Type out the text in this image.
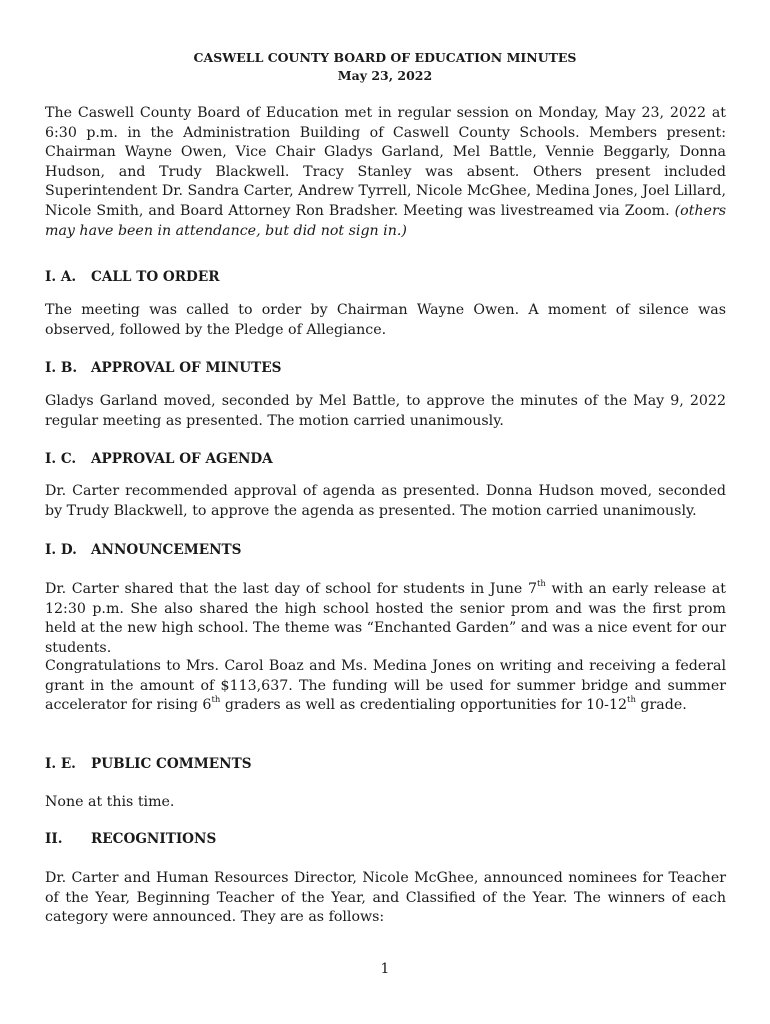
CASWELL COUNTY BOARD OF EDUCATION MINUTES
May 23, 2022

The Caswell County Board of Education met in regular session on Monday, May 23, 2022 at 6:30 p.m. in the Administration Building of Caswell County Schools. Members present: Chairman Wayne Owen, Vice Chair Gladys Garland, Mel Battle, Vennie Beggarly, Donna Hudson, and Trudy Blackwell. Tracy Stanley was absent. Others present included Superintendent Dr. Sandra Carter, Andrew Tyrrell, Nicole McGhee, Medina Jones, Joel Lillard, Nicole Smith, and Board Attorney Ron Bradsher. Meeting was livestreamed via Zoom. (others may have been in attendance, but did not sign in.)

I. A.	CALL TO ORDER

The meeting was called to order by Chairman Wayne Owen. A moment of silence was observed, followed by the Pledge of Allegiance.

I. B.	APPROVAL OF MINUTES

Gladys Garland moved, seconded by Mel Battle, to approve the minutes of the May 9, 2022 regular meeting as presented. The motion carried unanimously.

I. C.	APPROVAL OF AGENDA

Dr. Carter recommended approval of agenda as presented. Donna Hudson moved, seconded by Trudy Blackwell, to approve the agenda as presented. The motion carried unanimously.

I. D.	ANNOUNCEMENTS

Dr. Carter shared that the last day of school for students in June 7th with an early release at 12:30 p.m. She also shared the high school hosted the senior prom and was the first prom held at the new high school. The theme was “Enchanted Garden” and was a nice event for our students.

Congratulations to Mrs. Carol Boaz and Ms. Medina Jones on writing and receiving a federal grant in the amount of $113,637. The funding will be used for summer bridge and summer accelerator for rising 6th graders as well as credentialing opportunities for 10-12th grade.

I. E.	PUBLIC COMMENTS

None at this time.

II.	RECOGNITIONS

Dr. Carter and Human Resources Director, Nicole McGhee, announced nominees for Teacher of the Year, Beginning Teacher of the Year, and Classified of the Year. The winners of each category were announced. They are as follows:

1
